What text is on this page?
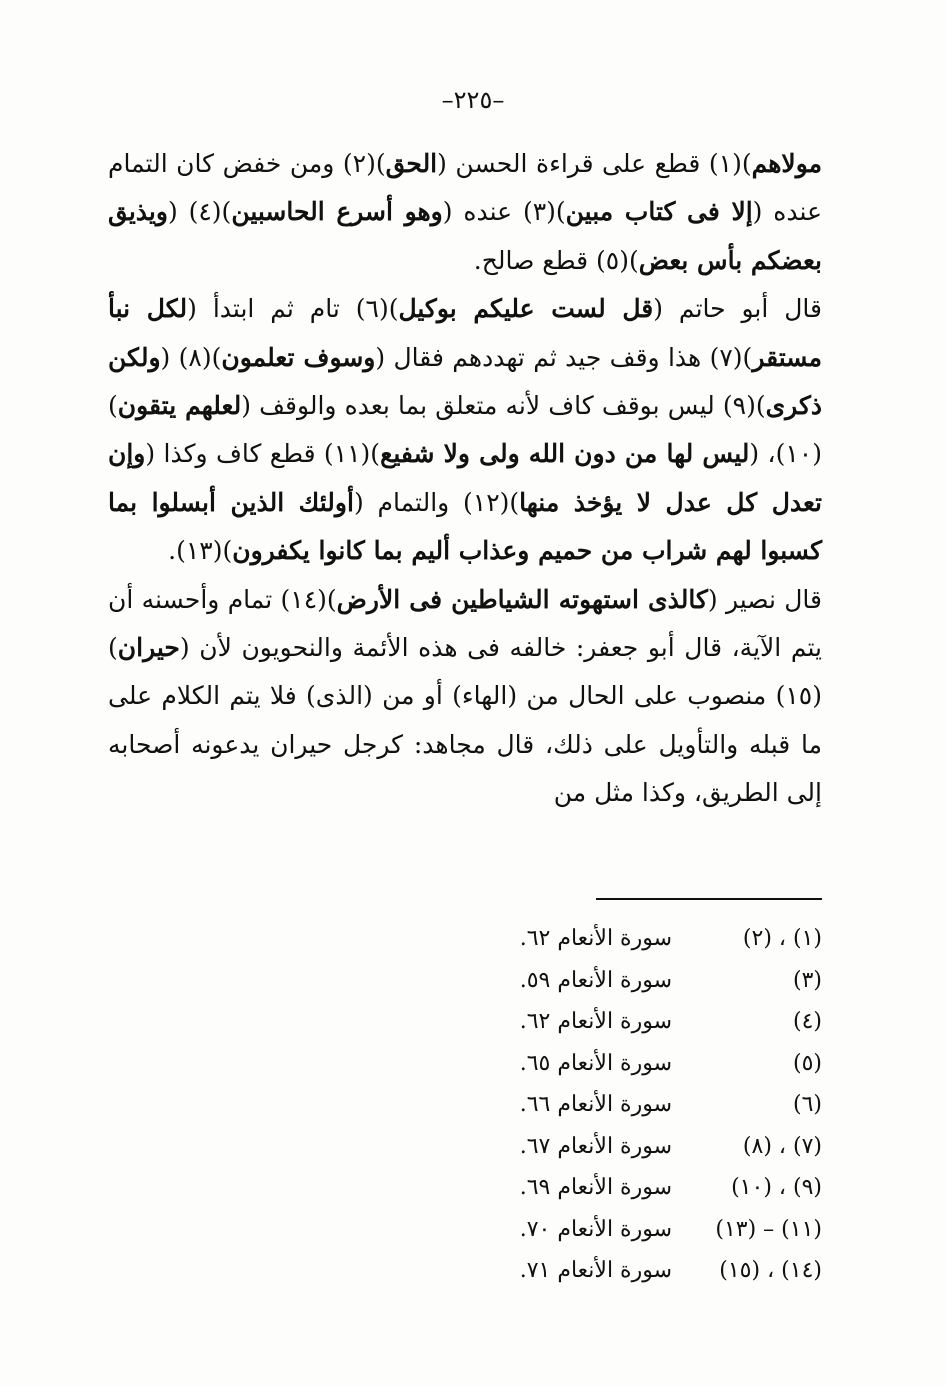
–٢٢٥–

مولاهم)(١) قطع على قراءة الحسن (الحق)(٢) ومن خفض كان التمام عنده (إلا فى كتاب مبين)(٣) عنده (وهو أسرع الحاسبين)(٤) (ويذيق بعضكم بأس بعض)(٥) قطع صالح.

قال أبو حاتم (قل لست عليكم بوكيل)(٦) تام ثم ابتدأ (لكل نبأ مستقر)(٧) هذا وقف جيد ثم تهددهم فقال (وسوف تعلمون)(٨) (ولكن ذكرى)(٩) ليس بوقف كاف لأنه متعلق بما بعده والوقف (لعلهم يتقون)(١٠)، (ليس لها من دون الله ولى ولا شفيع)(١١) قطع كاف وكذا (وإن تعدل كل عدل لا يؤخذ منها)(١٢) والتمام (أولئك الذين أبسلوا بما كسبوا لهم شراب من حميم وعذاب أليم بما كانوا يكفرون)(١٣).

قال نصير (كالذى استهوته الشياطين فى الأرض)(١٤) تمام وأحسنه أن يتم الآية، قال أبو جعفر: خالفه فى هذه الأئمة والنحويون لأن (حيران)(١٥) منصوب على الحال من (الهاء) أو من (الذى) فلا يتم الكلام على ما قبله والتأويل على ذلك، قال مجاهد: كرجل حيران يدعونه أصحابه إلى الطريق، وكذا مثل من

(١) ، (٢)
سورة الأنعام ٦٢.
(٣)
سورة الأنعام ٥٩.
(٤)
سورة الأنعام ٦٢.
(٥)
سورة الأنعام ٦٥.
(٦)
سورة الأنعام ٦٦.
(٧) ، (٨)
سورة الأنعام ٦٧.
(٩) ، (١٠)
سورة الأنعام ٦٩.
(١١) – (١٣)
سورة الأنعام ٧٠.
(١٤) ، (١٥)
سورة الأنعام ٧١.
